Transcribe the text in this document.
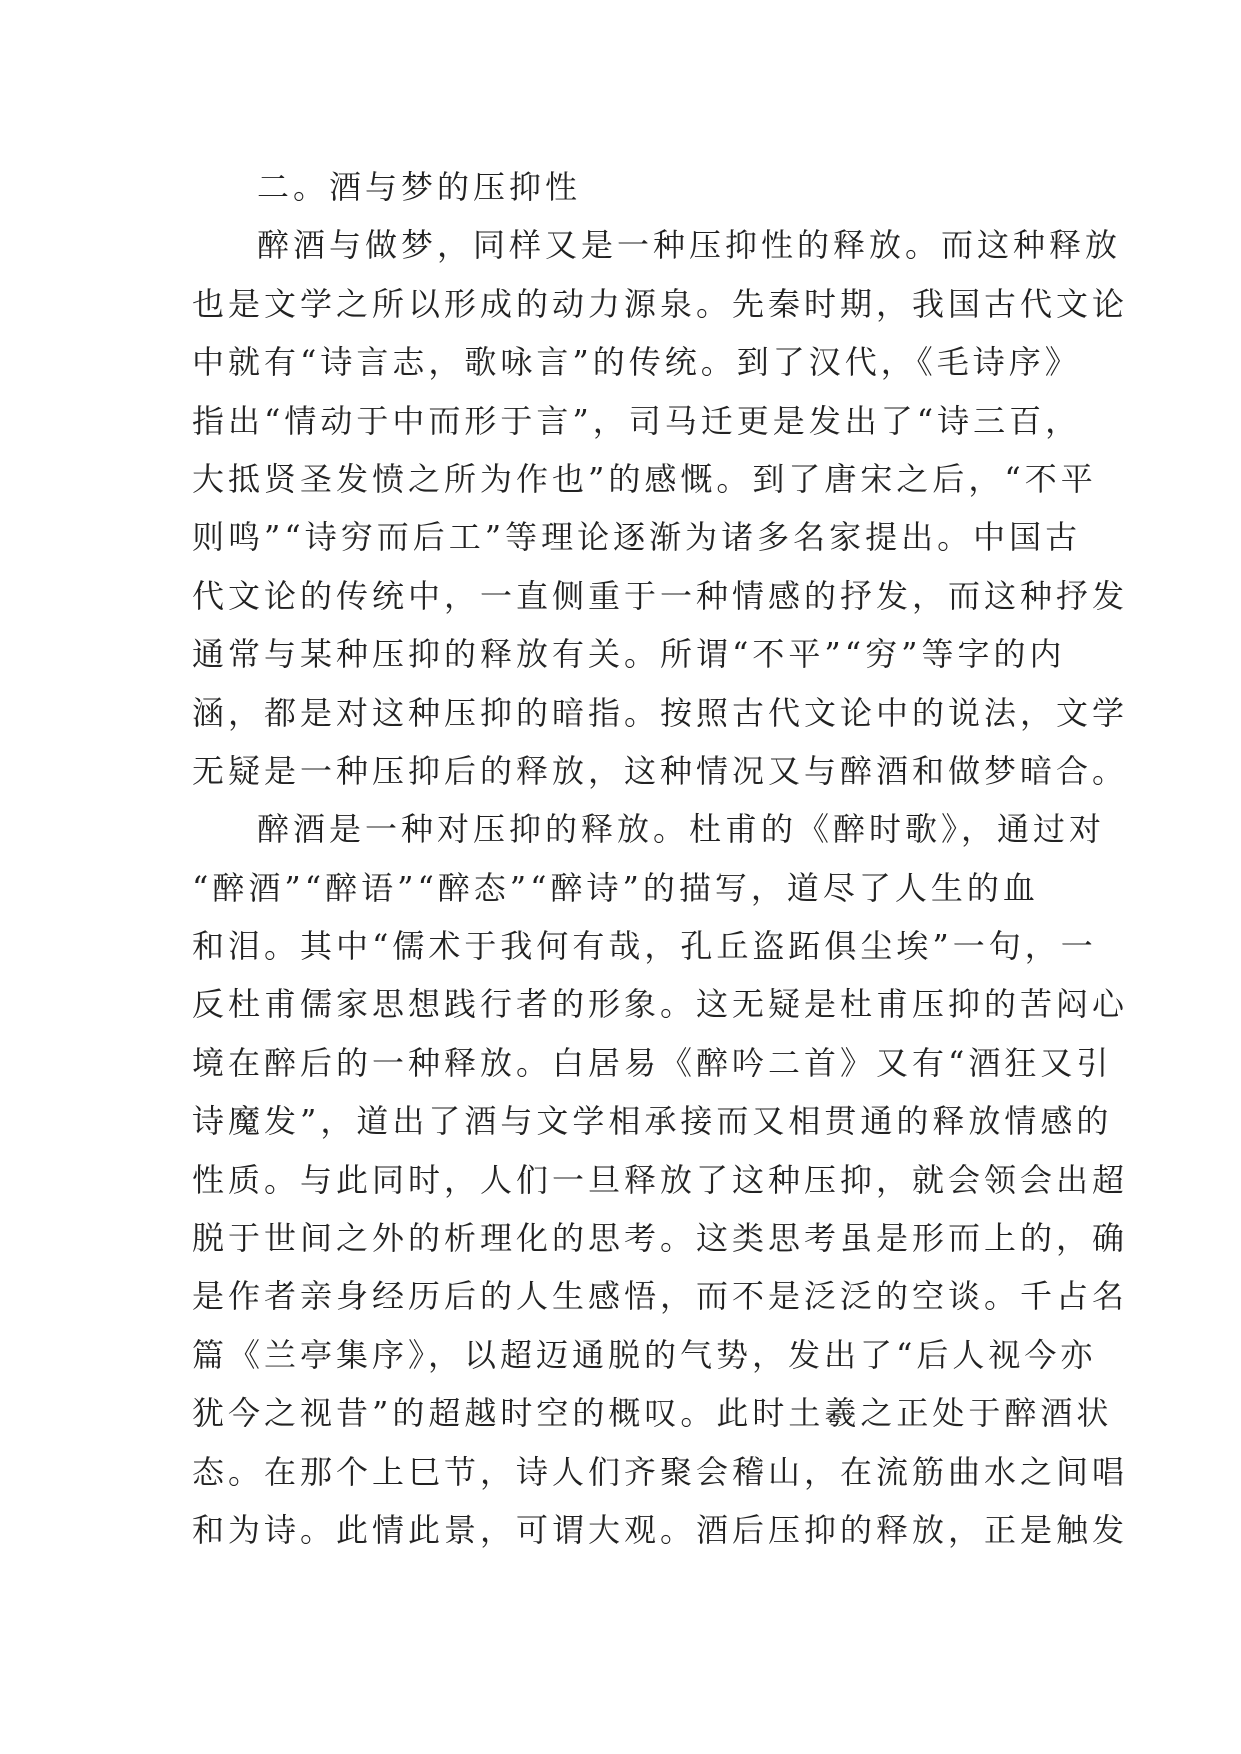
二。酒与梦的压抑性
醉酒与做梦，同样又是一种压抑性的释放。而这种释放
也是文学之所以形成的动力源泉。先秦时期，我国古代文论
中就有“诗言志，歌咏言”的传统。到了汉代，《毛诗序》
指出“情动于中而形于言”，司马迁更是发出了“诗三百，
大抵贤圣发愤之所为作也”的感慨。到了唐宋之后，“不平
则鸣”“诗穷而后工”等理论逐渐为诸多名家提出。中国古
代文论的传统中，一直侧重于一种情感的抒发，而这种抒发
通常与某种压抑的释放有关。所谓“不平”“穷”等字的内
涵，都是对这种压抑的暗指。按照古代文论中的说法，文学
无疑是一种压抑后的释放，这种情况又与醉酒和做梦暗合。
醉酒是一种对压抑的释放。杜甫的《醉时歌》，通过对
“醉酒”“醉语”“醉态”“醉诗”的描写，道尽了人生的血
和泪。其中“儒术于我何有哉，孔丘盗跖俱尘埃”一句，一
反杜甫儒家思想践行者的形象。这无疑是杜甫压抑的苦闷心
境在醉后的一种释放。白居易《醉吟二首》又有“酒狂又引
诗魔发”，道出了酒与文学相承接而又相贯通的释放情感的
性质。与此同时，人们一旦释放了这种压抑，就会领会出超
脱于世间之外的析理化的思考。这类思考虽是形而上的，确
是作者亲身经历后的人生感悟，而不是泛泛的空谈。千占名
篇《兰亭集序》，以超迈通脱的气势，发出了“后人视今亦
犹今之视昔”的超越时空的概叹。此时土羲之正处于醉酒状
态。在那个上巳节，诗人们齐聚会稽山，在流筋曲水之间唱
和为诗。此情此景，可谓大观。酒后压抑的释放，正是触发
